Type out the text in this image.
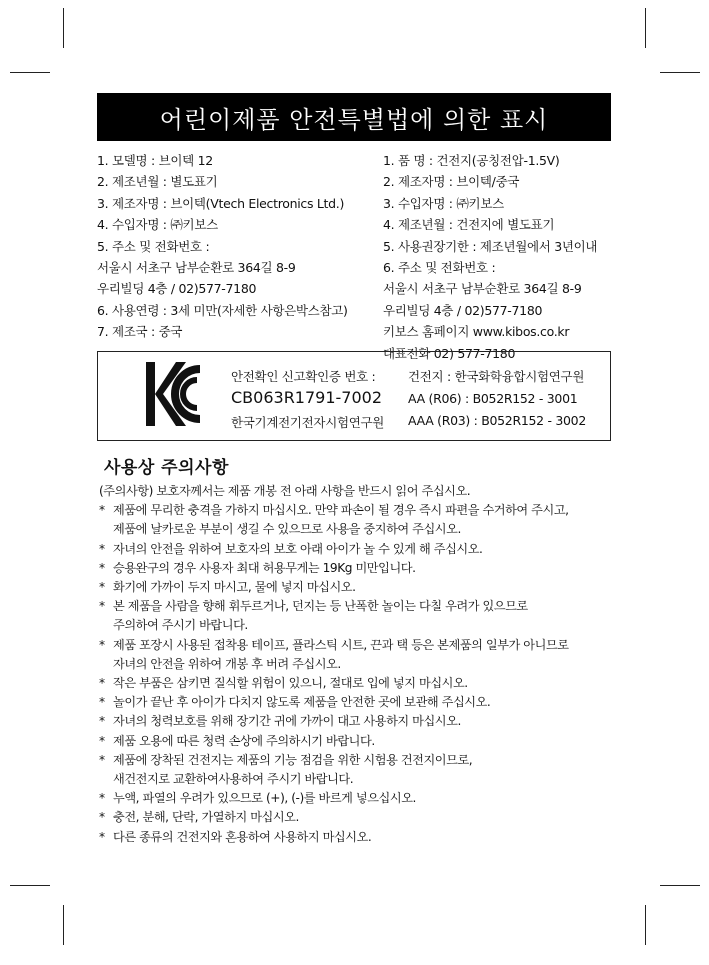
어린이제품 안전특별법에 의한 표시
1. 모델명 : 브이텍 12
2. 제조년월 : 별도표기
3. 제조자명 : 브이텍(Vtech Electronics Ltd.)
4. 수입자명 : ㈜키보스
5. 주소 및 전화번호 :
서울시 서초구 남부순환로 364길 8-9
우리빌딩 4층 / 02)577-7180
6. 사용연령 : 3세 미만(자세한 사항은박스참고)
7. 제조국 : 중국
1. 품 명 : 건전지(공칭전압-1.5V)
2. 제조자명 : 브이텍/중국
3. 수입자명 : ㈜키보스
4. 제조년월 : 건전지에 별도표기
5. 사용권장기한 : 제조년월에서 3년이내
6. 주소 및 전화번호 :
서울시 서초구 남부순환로 364길 8-9
우리빌딩 4층 / 02)577-7180
키보스 홈페이지 www.kibos.co.kr
대표전화 02) 577-7180
안전확인 신고확인증 번호 :
CB063R1791-7002
한국기계전기전자시험연구원
건전지 : 한국화학융합시험연구원
AA (R06) : B052R152 - 3001
AAA (R03) : B052R152 - 3002
사용상 주의사항
(주의사항) 보호자께서는 제품 개봉 전 아래 사항을 반드시 읽어 주십시오.
* 제품에 무리한 충격을 가하지 마십시오. 만약 파손이 될 경우 즉시 파편을 수거하여 주시고,
제품에 날카로운 부분이 생길 수 있으므로 사용을 중지하여 주십시오.
* 자녀의 안전을 위하여 보호자의 보호 아래 아이가 놀 수 있게 해 주십시오.
* 승용완구의 경우 사용자 최대 허용무게는 19Kg 미만입니다.
* 화기에 가까이 두지 마시고, 물에 넣지 마십시오.
* 본 제품을 사람을 향해 휘두르거나, 던지는 등 난폭한 놀이는 다칠 우려가 있으므로
주의하여 주시기 바랍니다.
* 제품 포장시 사용된 접착용 테이프, 플라스틱 시트, 끈과 택 등은 본제품의 일부가 아니므로
자녀의 안전을 위하여 개봉 후 버려 주십시오.
* 작은 부품은 삼키면 질식할 위험이 있으니, 절대로 입에 넣지 마십시오.
* 놀이가 끝난 후 아이가 다치지 않도록 제품을 안전한 곳에 보관해 주십시오.
* 자녀의 청력보호를 위해 장기간 귀에 가까이 대고 사용하지 마십시오.
* 제품 오용에 따른 청력 손상에 주의하시기 바랍니다.
* 제품에 장착된 건전지는 제품의 기능 점검을 위한 시험용 건전지이므로,
새건전지로 교환하여사용하여 주시기 바랍니다.
* 누액, 파열의 우려가 있으므로 (+), (-)를 바르게 넣으십시오.
* 충전, 분해, 단락, 가열하지 마십시오.
* 다른 종류의 건전지와 혼용하여 사용하지 마십시오.
